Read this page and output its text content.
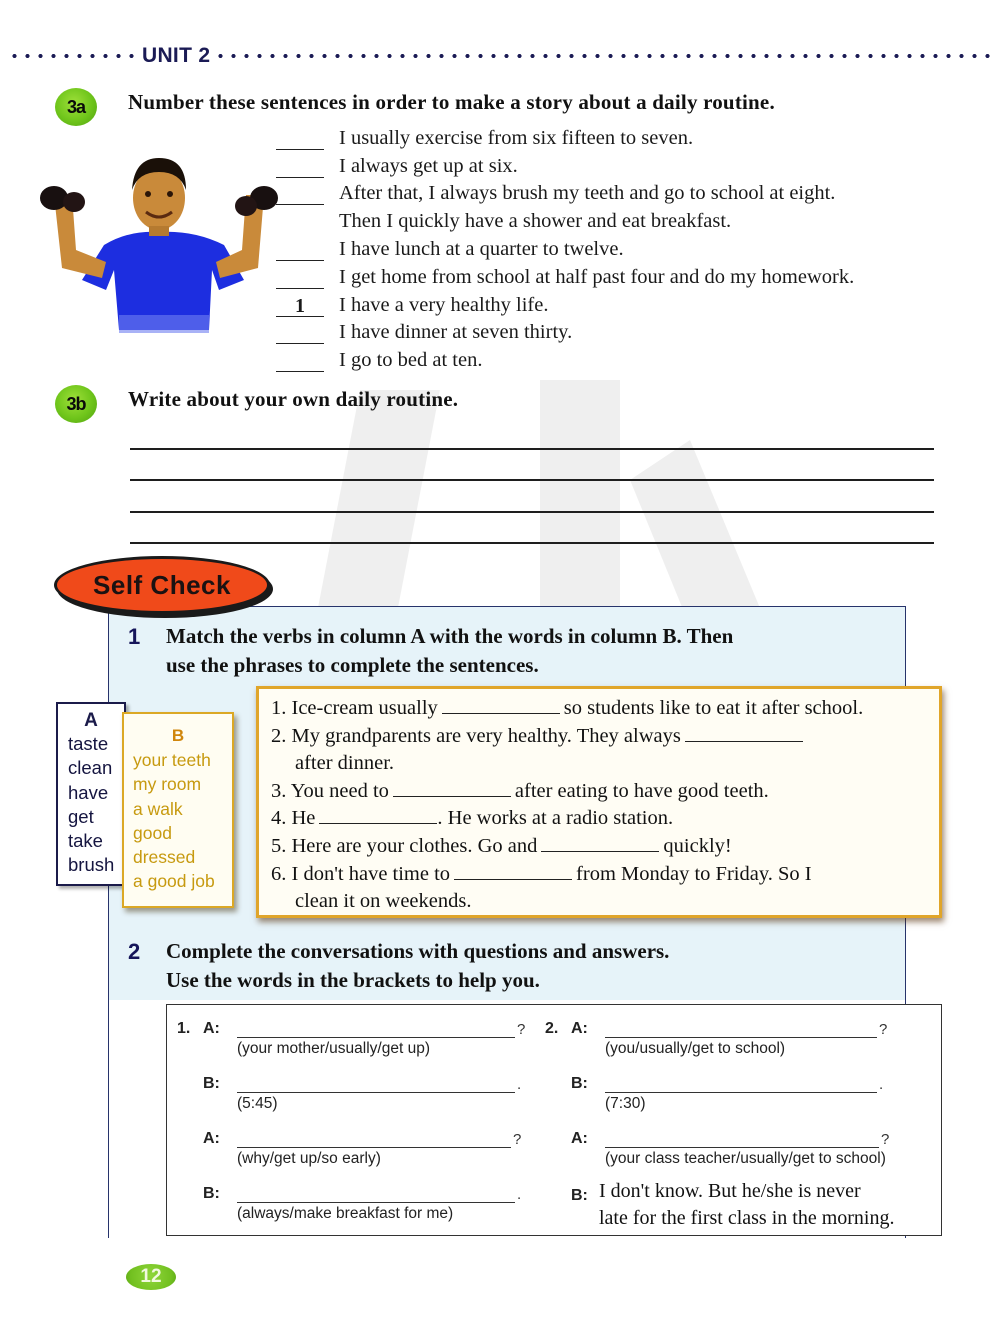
UNIT 2
3a	Number these sentences in order to make a story about a daily routine.
I usually exercise from six fifteen to seven.
I always get up at six.
After that, I always brush my teeth and go to school at eight.
Then I quickly have a shower and eat breakfast.
I have lunch at a quarter to twelve.
I get home from school at half past four and do my homework.
1	I have a very healthy life.
I have dinner at seven thirty.
I go to bed at ten.
3b	Write about your own daily routine.
Self Check
1	Match the verbs in column A with the words in column B. Then
use the phrases to complete the sentences.
A
taste
clean
have
get
take
brush
B
your teeth
my room
a walk
good
dressed
a good job
1. Ice-cream usually	so students like to eat it after school.
2. My grandparents are very healthy. They always
after dinner.
3. You need to	after eating to have good teeth.
4. He	. He works at a radio station.
5. Here are your clothes. Go and	quickly!
6. I don't have time to	from Monday to Friday. So I
clean it on weekends.
2	Complete the conversations with questions and answers.
Use the words in the brackets to help you.
1. A:	?
(your mother/usually/get up)
B:	.
(5:45)
A:	?
(why/get up/so early)
B:	.
(always/make breakfast for me)
2. A:	?
(you/usually/get to school)
B:	.
(7:30)
A:	?
(your class teacher/usually/get to school)
B: I don't know. But he/she is never
late for the first class in the morning.
12
